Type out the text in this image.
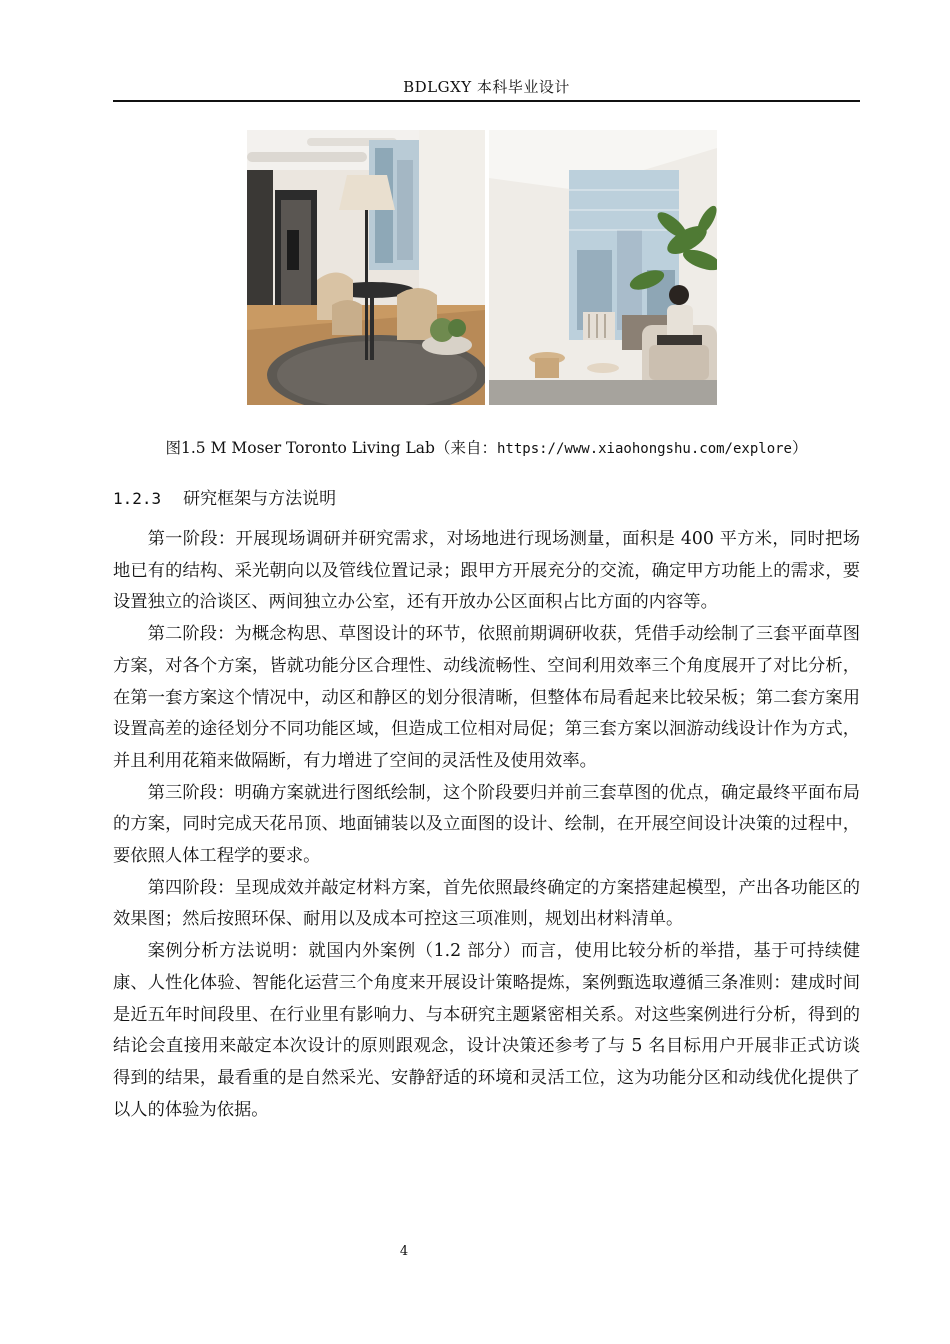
BDLGXY 本科毕业设计
图1.5 M Moser Toronto Living Lab（来自：https://www.xiaohongshu.com/explore）
1.2.3 研究框架与方法说明

第一阶段：开展现场调研并研究需求，对场地进行现场测量，面积是 400 平方米，同时把场地已有的结构、采光朝向以及管线位置记录；跟甲方开展充分的交流，确定甲方功能上的需求，要设置独立的洽谈区、两间独立办公室，还有开放办公区面积占比方面的内容等。

第二阶段：为概念构思、草图设计的环节，依照前期调研收获，凭借手动绘制了三套平面草图方案，对各个方案，皆就功能分区合理性、动线流畅性、空间利用效率三个角度展开了对比分析，在第一套方案这个情况中，动区和静区的划分很清晰，但整体布局看起来比较呆板；第二套方案用设置高差的途径划分不同功能区域，但造成工位相对局促；第三套方案以洄游动线设计作为方式，并且利用花箱来做隔断，有力增进了空间的灵活性及使用效率。

第三阶段：明确方案就进行图纸绘制，这个阶段要归并前三套草图的优点，确定最终平面布局的方案，同时完成天花吊顶、地面铺装以及立面图的设计、绘制，在开展空间设计决策的过程中，要依照人体工程学的要求。

第四阶段：呈现成效并敲定材料方案，首先依照最终确定的方案搭建起模型，产出各功能区的效果图；然后按照环保、耐用以及成本可控这三项准则，规划出材料清单。

案例分析方法说明：就国内外案例（1.2 部分）而言，使用比较分析的举措，基于可持续健康、人性化体验、智能化运营三个角度来开展设计策略提炼，案例甄选取遵循三条准则：建成时间是近五年时间段里、在行业里有影响力、与本研究主题紧密相关系。对这些案例进行分析，得到的结论会直接用来敲定本次设计的原则跟观念，设计决策还参考了与 5 名目标用户开展非正式访谈得到的结果，最看重的是自然采光、安静舒适的环境和灵活工位，这为功能分区和动线优化提供了以人的体验为依据。

4
